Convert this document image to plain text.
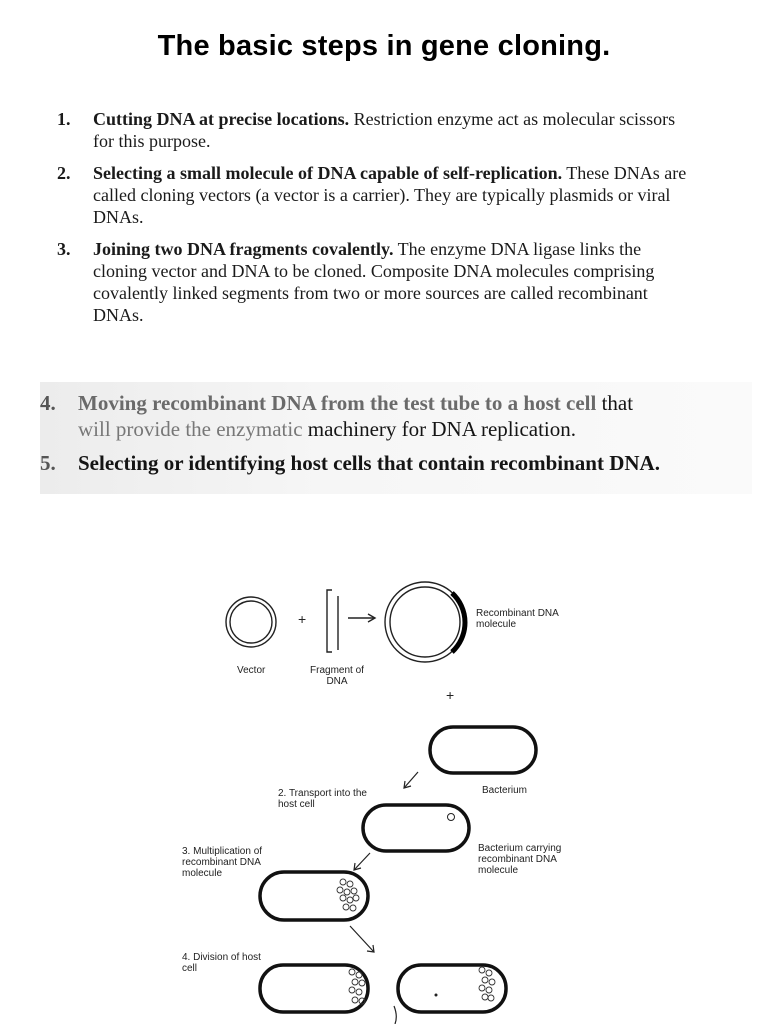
The basic steps in gene cloning.
1. Cutting DNA at precise locations. Restriction enzyme act as molecular scissors for this purpose.
2. Selecting a small molecule of DNA capable of self-replication. These DNAs are called cloning vectors (a vector is a carrier). They are typically plasmids or viral DNAs.
3. Joining two DNA fragments covalently. The enzyme DNA ligase links the cloning vector and DNA to be cloned. Composite DNA molecules comprising covalently linked segments from two or more sources are called recombinant DNAs.
4. Moving recombinant DNA from the test tube to a host cell that
will provide the enzymatic machinery for DNA replication.
5. Selecting or identifying host cells that contain recombinant DNA.
+
+
Vector	Fragment of DNA
Recombinant DNA molecule
Bacterium
2. Transport into the host cell
Bacterium carrying recombinant DNA molecule
3. Multiplication of recombinant DNA molecule
4. Division of host cell
